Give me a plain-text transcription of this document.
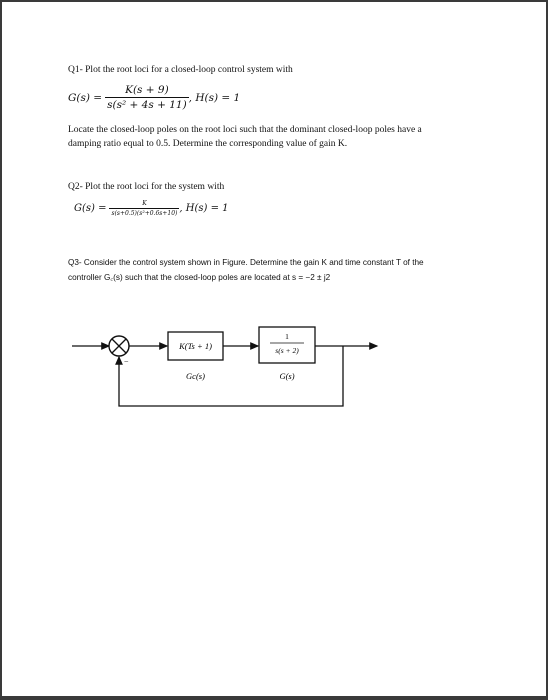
Q1- Plot the root loci for a closed-loop control system with
$G(s) = \frac{K(s + 9)}{\text{s(s² + 4s + 11)}}$ , H(s) = 1
Locate the closed-loop poles on the root loci such that the dominant closed-loop poles have a
damping ratio equal to 0.5. Determine the corresponding value of gain K.
Q2- Plot the root loci for the system with
$G(s) = \frac{K}{\text{s(s+0.5)(s²+0.6s+10)}}$ , H(s) = 1
Q3- Consider the control system shown in Figure. Determine the gain K and time constant T of the
controller G꜀(s) such that the closed-loop poles are located at s = −2 ± j2
−
K(Ts + 1)
Gc(s)
1
s(s + 2)
G(s)
